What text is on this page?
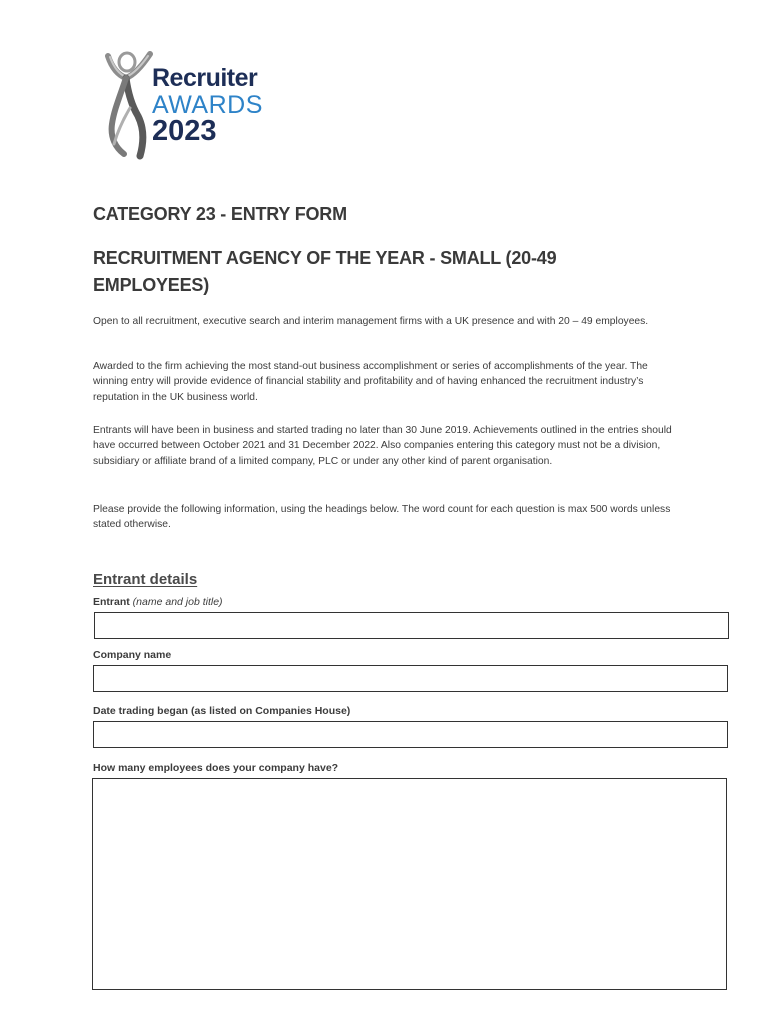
Recruiter
AWARDS
2023
CATEGORY 23 - ENTRY FORM
RECRUITMENT AGENCY OF THE YEAR - SMALL (20-49 EMPLOYEES)

Open to all recruitment, executive search and interim management firms with a UK presence and with 20 – 49 employees.

Awarded to the firm achieving the most stand-out business accomplishment or series of accomplishments of the year. The winning entry will provide evidence of financial stability and profitability and of having enhanced the recruitment industry’s reputation in the UK business world.

Entrants will have been in business and started trading no later than 30 June 2019. Achievements outlined in the entries should have occurred between October 2021 and 31 December 2022. Also companies entering this category must not be a division, subsidiary or affiliate brand of a limited company, PLC or under any other kind of parent organisation.

Please provide the following information, using the headings below. The word count for each question is max 500 words unless stated otherwise.

Entrant details
Entrant (name and job title)
Company name
Date trading began (as listed on Companies House)
How many employees does your company have?
